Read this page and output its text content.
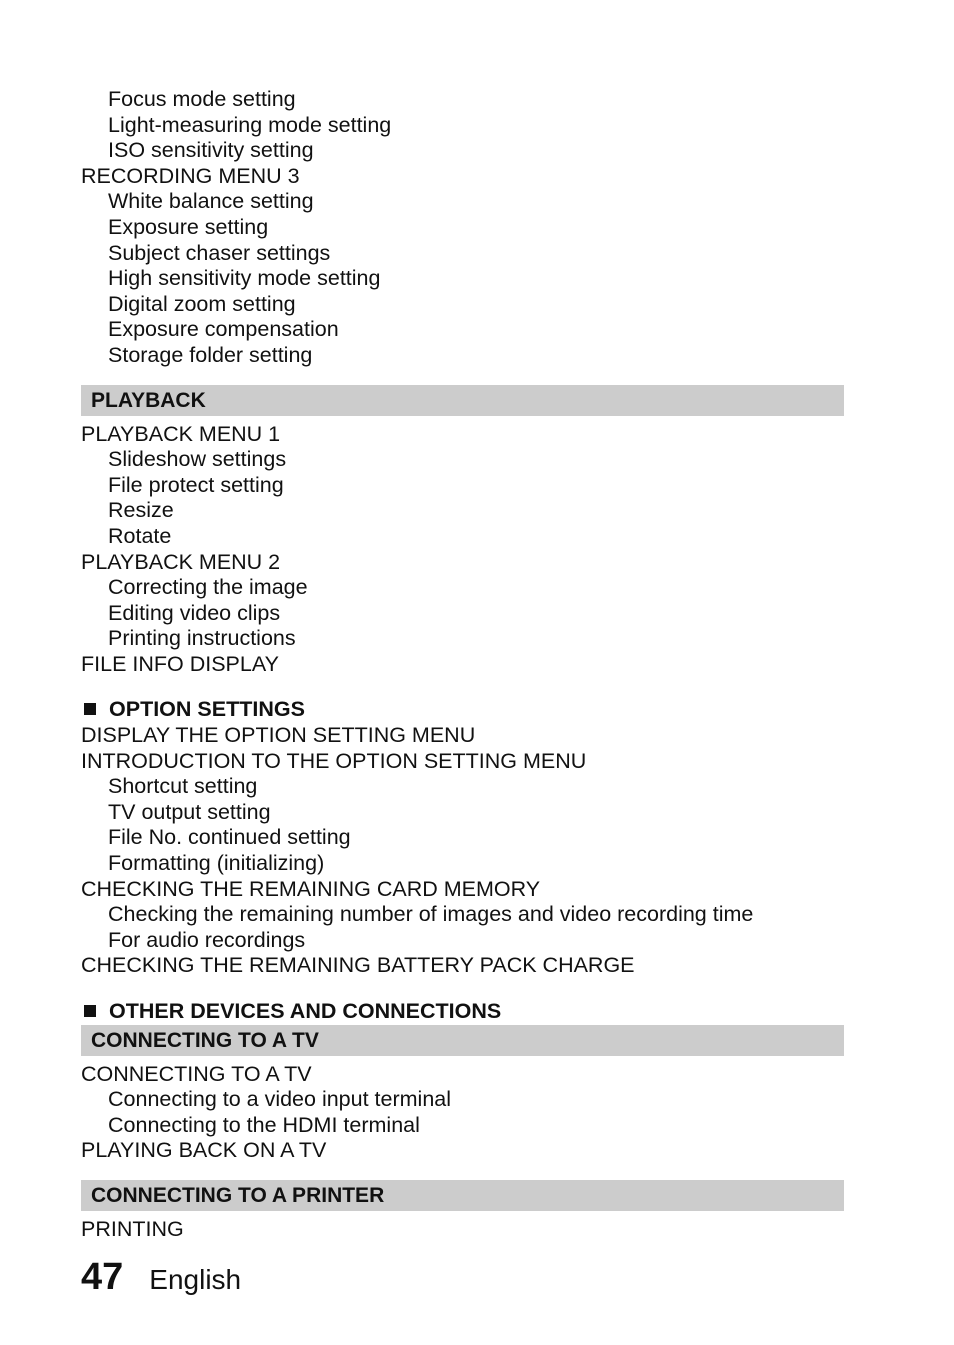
Focus mode setting
Light-measuring mode setting
ISO sensitivity setting
RECORDING MENU 3
White balance setting
Exposure setting
Subject chaser settings
High sensitivity mode setting
Digital zoom setting
Exposure compensation
Storage folder setting
PLAYBACK
PLAYBACK MENU 1
Slideshow settings
File protect setting
Resize
Rotate
PLAYBACK MENU 2
Correcting the image
Editing video clips
Printing instructions
FILE INFO DISPLAY
OPTION SETTINGS
DISPLAY THE OPTION SETTING MENU
INTRODUCTION TO THE OPTION SETTING MENU
Shortcut setting
TV output setting
File No. continued setting
Formatting (initializing)
CHECKING THE REMAINING CARD MEMORY
Checking the remaining number of images and video recording time
For audio recordings
CHECKING THE REMAINING BATTERY PACK CHARGE
OTHER DEVICES AND CONNECTIONS
CONNECTING TO A TV
CONNECTING TO A TV
Connecting to a video input terminal
Connecting to the HDMI terminal
PLAYING BACK ON A TV
CONNECTING TO A PRINTER
PRINTING
47 English
